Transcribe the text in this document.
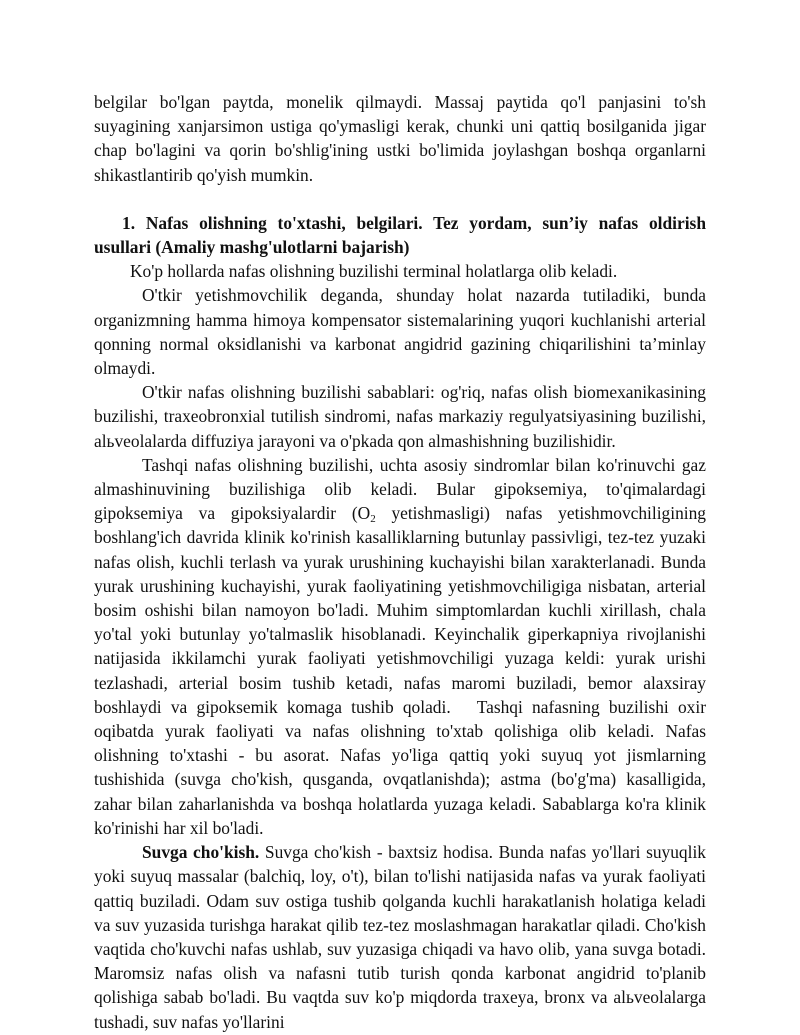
belgilar bo'lgan paytda, monelik qilmaydi. Massaj paytida qo'l panjasini to'sh suyagining xanjarsimon ustiga qo'ymasligi kerak, chunki uni qattiq bosilganida jigar chap bo'lagini va qorin bo'shlig'ining ustki bo'limida joylashgan boshqa organlarni shikastlantirib qo'yish mumkin.

1. Nafas olishning to'xtashi, belgilari. Tez yordam, sun’iy nafas oldirish usullari (Amaliy mashg'ulotlarni bajarish)

Ko'p hollarda nafas olishning buzilishi terminal holatlarga olib keladi.

O'tkir yetishmovchilik deganda, shunday holat nazarda tutiladiki, bunda organizmning hamma himoya kompensator sistemalarining yuqori kuchlanishi arterial qonning normal oksidlanishi va karbonat angidrid gazining chiqarilishini ta’minlay olmaydi.

O'tkir nafas olishning buzilishi sabablari: og'riq, nafas olish biomexanikasining buzilishi, traxeobronxial tutilish sindromi, nafas markaziy regulyatsiyasining buzilishi, alьveolalarda diffuziya jarayoni va o'pkada qon almashishning buzilishidir.

Tashqi nafas olishning buzilishi, uchta asosiy sindromlar bilan ko'rinuvchi gaz almashinuvining buzilishiga olib keladi. Bular gipoksemiya, to'qimalardagi gipoksemiya va gipoksiyalardir ($O_2$ yetishmasligi) nafas yetishmovchiligining boshlang'ich davrida klinik ko'rinish kasalliklarning butunlay passivligi, tez-tez yuzaki nafas olish, kuchli terlash va yurak urushining kuchayishi bilan xarakterlanadi. Bunda yurak urushining kuchayishi, yurak faoliyatining yetishmovchiligiga nisbatan, arterial bosim oshishi bilan namoyon bo'ladi. Muhim simptomlardan kuchli xirillash, chala yo'tal yoki butunlay yo'talmaslik hisoblanadi. Keyinchalik giperkapniya rivojlanishi natijasida ikkilamchi yurak faoliyati yetishmovchiligi yuzaga keldi: yurak urishi tezlashadi, arterial bosim tushib ketadi, nafas maromi buziladi, bemor alaxsiray boshlaydi va gipoksemik komaga tushib qoladi. Tashqi nafasning buzilishi oxir oqibatda yurak faoliyati va nafas olishning to'xtab qolishiga olib keladi. Nafas olishning to'xtashi - bu asorat. Nafas yo'liga qattiq yoki suyuq yot jismlarning tushishida (suvga cho'kish, qusganda, ovqatlanishda); astma (bo'g'ma) kasalligida, zahar bilan zaharlanishda va boshqa holatlarda yuzaga keladi. Sabablarga ko'ra klinik ko'rinishi har xil bo'ladi.

Suvga cho'kish. Suvga cho'kish - baxtsiz hodisa. Bunda nafas yo'llari suyuqlik yoki suyuq massalar (balchiq, loy, o't), bilan to'lishi natijasida nafas va yurak faoliyati qattiq buziladi. Odam suv ostiga tushib qolganda kuchli harakatlanish holatiga keladi va suv yuzasida turishga harakat qilib tez-tez moslashmagan harakatlar qiladi. Cho'kish vaqtida cho'kuvchi nafas ushlab, suv yuzasiga chiqadi va havo olib, yana suvga botadi. Maromsiz nafas olish va nafasni tutib turish qonda karbonat angidrid to'planib qolishiga sabab bo'ladi. Bu vaqtda suv ko'p miqdorda traxeya, bronx va alьveolalarga tushadi, suv nafas yo'llarini
